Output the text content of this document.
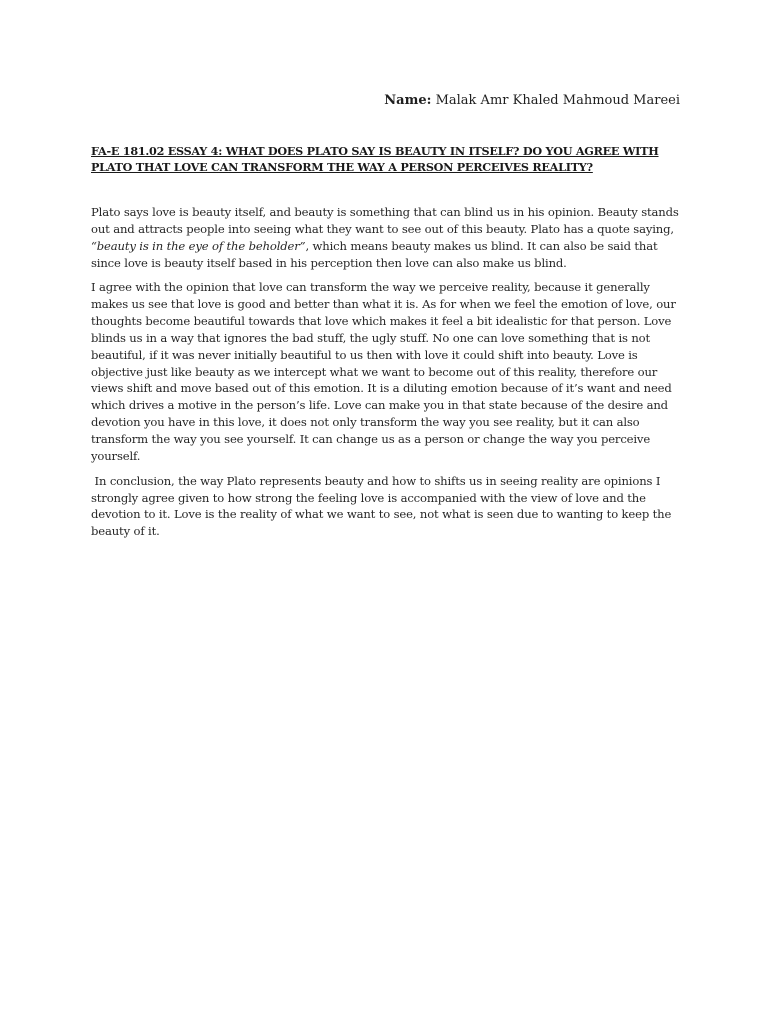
Name: Malak Amr Khaled Mahmoud Mareei
FA-E 181.02 ESSAY 4: WHAT DOES PLATO SAY IS BEAUTY IN ITSELF? DO YOU AGREE WITH PLATO THAT LOVE CAN TRANSFORM THE WAY A PERSON PERCEIVES REALITY?

Plato says love is beauty itself, and beauty is something that can blind us in his opinion. Beauty stands out and attracts people into seeing what they want to see out of this beauty. Plato has a quote saying, “beauty is in the eye of the beholder”, which means beauty makes us blind. It can also be said that since love is beauty itself based in his perception then love can also make us blind.

I agree with the opinion that love can transform the way we perceive reality, because it generally makes us see that love is good and better than what it is. As for when we feel the emotion of love, our thoughts become beautiful towards that love which makes it feel a bit idealistic for that person. Love blinds us in a way that ignores the bad stuff, the ugly stuff. No one can love something that is not beautiful, if it was never initially beautiful to us then with love it could shift into beauty. Love is objective just like beauty as we intercept what we want to become out of this reality, therefore our views shift and move based out of this emotion. It is a diluting emotion because of it’s want and need which drives a motive in the person’s life. Love can make you in that state because of the desire and devotion you have in this love, it does not only transform the way you see reality, but it can also transform the way you see yourself. It can change us as a person or change the way you perceive yourself.

In conclusion, the way Plato represents beauty and how to shifts us in seeing reality are opinions I strongly agree given to how strong the feeling love is accompanied with the view of love and the devotion to it. Love is the reality of what we want to see, not what is seen due to wanting to keep the beauty of it.
